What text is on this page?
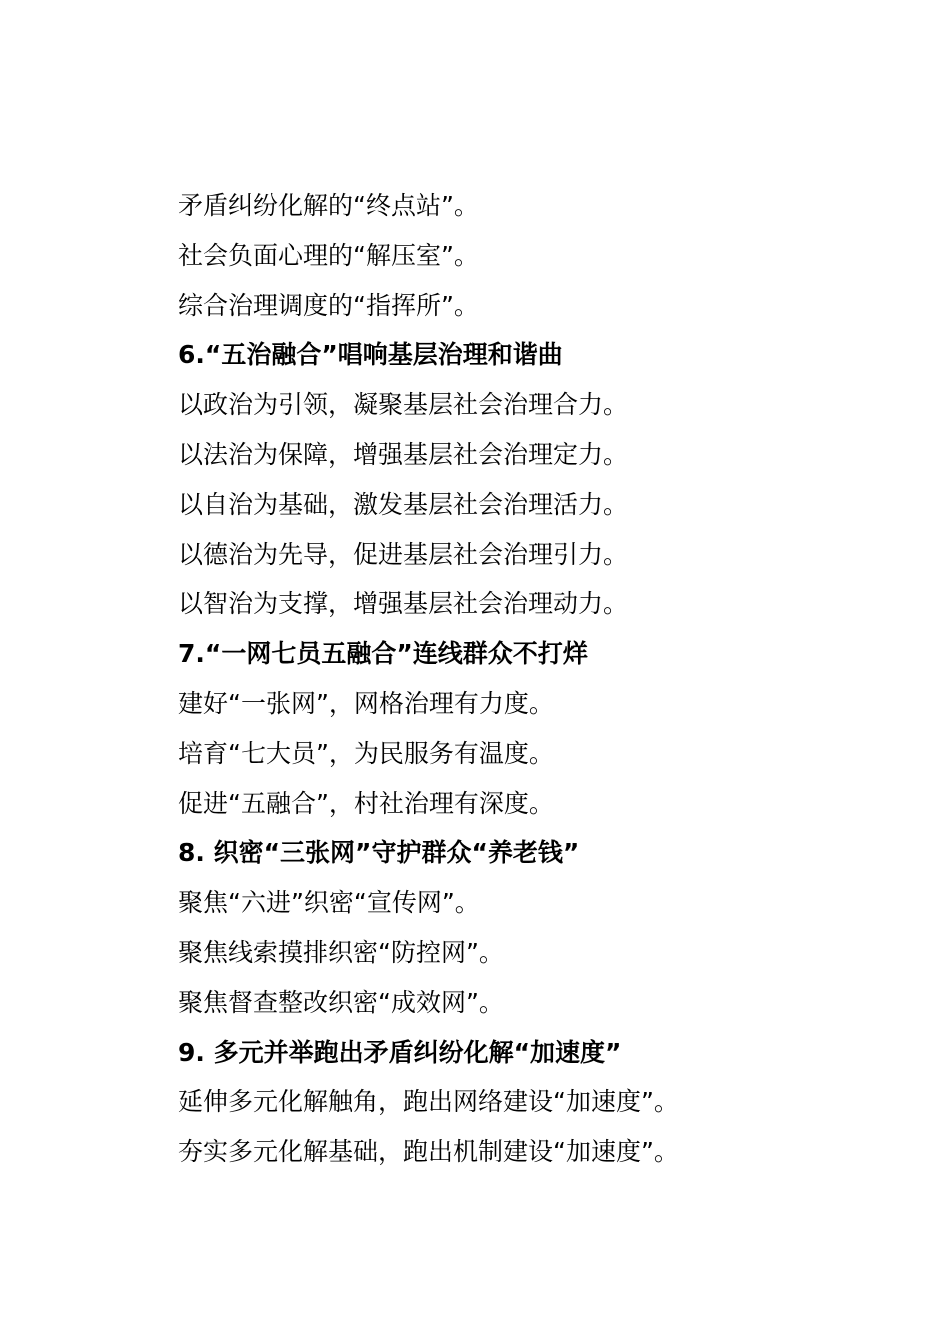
矛盾纠纷化解的“终点站”。
社会负面心理的“解压室”。
综合治理调度的“指挥所”。
6.“五治融合”唱响基层治理和谐曲
以政治为引领，凝聚基层社会治理合力。
以法治为保障，增强基层社会治理定力。
以自治为基础，激发基层社会治理活力。
以德治为先导，促进基层社会治理引力。
以智治为支撑，增强基层社会治理动力。
7.“一网七员五融合”连线群众不打烊
建好“一张网”，网格治理有力度。
培育“七大员”，为民服务有温度。
促进“五融合”，村社治理有深度。
8. 织密“三张网”守护群众“养老钱”
聚焦“六进”织密“宣传网”。
聚焦线索摸排织密“防控网”。
聚焦督查整改织密“成效网”。
9. 多元并举跑出矛盾纠纷化解“加速度”
延伸多元化解触角，跑出网络建设“加速度”。
夯实多元化解基础，跑出机制建设“加速度”。
